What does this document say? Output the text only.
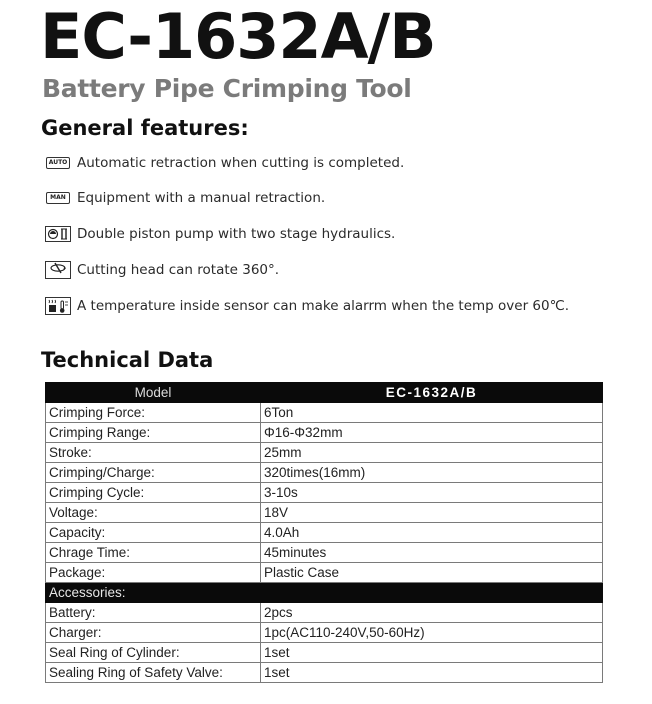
EC-1632A/B
Battery Pipe Crimping Tool
General features:
AUTO Automatic retraction when cutting is completed.
MAN Equipment with a manual retraction.
Double piston pump with two stage hydraulics.
Cutting head can rotate 360°.
A temperature inside sensor can make alarrm when the temp over 60℃.
Technical Data
Model	EC-1632A/B
Crimping Force:	6Ton
Crimping Range:	Φ16-Φ32mm
Stroke:	25mm
Crimping/Charge:	320times(16mm)
Crimping Cycle:	3-10s
Voltage:	18V
Capacity:	4.0Ah
Chrage Time:	45minutes
Package:	Plastic Case
Accessories:	
Battery:	2pcs
Charger:	1pc(AC110-240V,50-60Hz)
Seal Ring of Cylinder:	1set
Sealing Ring of Safety Valve:	1set
